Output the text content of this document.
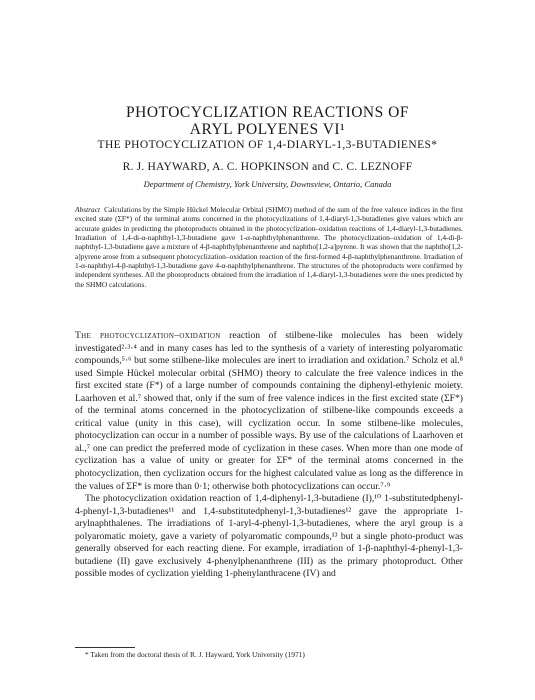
PHOTOCYCLIZATION REACTIONS OF
ARYL POLYENES VI¹
THE PHOTOCYCLIZATION OF 1,4-DIARYL-1,3-BUTADIENES*

R. J. HAYWARD, A. C. HOPKINSON and C. C. LEZNOFF

Department of Chemistry, York University, Downsview, Ontario, Canada

Abstract Calculations by the Simple Hückel Molecular Orbital (SHMO) method of the sum of the free valence indices in the first excited state (ΣF*) of the terminal atoms concerned in the photocyclizations of 1,4-diaryl-1,3-butadienes give values which are accurate guides in predicting the photoproducts obtained in the photocyclization–oxidation reactions of 1,4-diaryl-1,3-butadienes. Irradiation of 1,4-di-α-naphthyl-1,3-butadiene gave 1-α-naphthylphenanthrene. The photocyclization–oxidation of 1,4-di-β-naphthyl-1,3-butadiene gave a mixture of 4-β-naphthylphenanthrene and naphtho[1,2-a]pyrene. It was shown that the naphtho[1,2-a]pyrene arose from a subsequent photocyclization–oxidation reaction of the first-formed 4-β-naphthylphenanthrene. Irradiation of 1-α-naphthyl-4-β-naphthyl-1,3-butadiene gave 4-α-naphthylphenanthrene. The structures of the photoproducts were confirmed by independent syntheses. All the photoproducts obtained from the irradiation of 1,4-diaryl-1,3-butadienes were the ones predicted by the SHMO calculations.

The photocyclization–oxidation reaction of stilbene-like molecules has been widely investigated²·³·⁴ and in many cases has led to the synthesis of a variety of interesting polyaromatic compounds,⁵·⁶ but some stilbene-like molecules are inert to irradiation and oxidation.⁷ Scholz et al.⁸ used Simple Hückel molecular orbital (SHMO) theory to calculate the free valence indices in the first excited state (F*) of a large number of compounds containing the diphenyl-ethylenic moiety. Laarhoven et al.⁷ showed that, only if the sum of free valence indices in the first excited state (ΣF*) of the terminal atoms concerned in the photocyclization of stilbene-like compounds exceeds a critical value (unity in this case), will cyclization occur. In some stilbene-like molecules, photocyclization can occur in a number of possible ways. By use of the calculations of Laarhoven et al.,⁷ one can predict the preferred mode of cyclization in these cases. When more than one mode of cyclization has a value of unity or greater for ΣF* of the terminal atoms concerned in the photocyclization, then cyclization occurs for the highest calculated value as long as the difference in the values of ΣF* is more than 0·1; otherwise both photocyclizations can occur.⁷·⁹

The photocyclization oxidation reaction of 1,4-diphenyl-1,3-butadiene (I),¹⁰ 1-substitutedphenyl-4-phenyl-1,3-butadienes¹¹ and 1,4-substitutedphenyl-1,3-butadienes¹² gave the appropriate 1-arylnaphthalenes. The irradiations of 1-aryl-4-phenyl-1,3-butadienes, where the aryl group is a polyaromatic moiety, gave a variety of polyaromatic compounds,¹³ but a single photo-product was generally observed for each reacting diene. For example, irradiation of 1-β-naphthyl-4-phenyl-1,3-butadiene (II) gave exclusively 4-phenylphenanthrene (III) as the primary photoproduct. Other possible modes of cyclization yielding 1-phenylanthracene (IV) and

* Taken from the doctoral thesis of R. J. Hayward, York University (1971)
